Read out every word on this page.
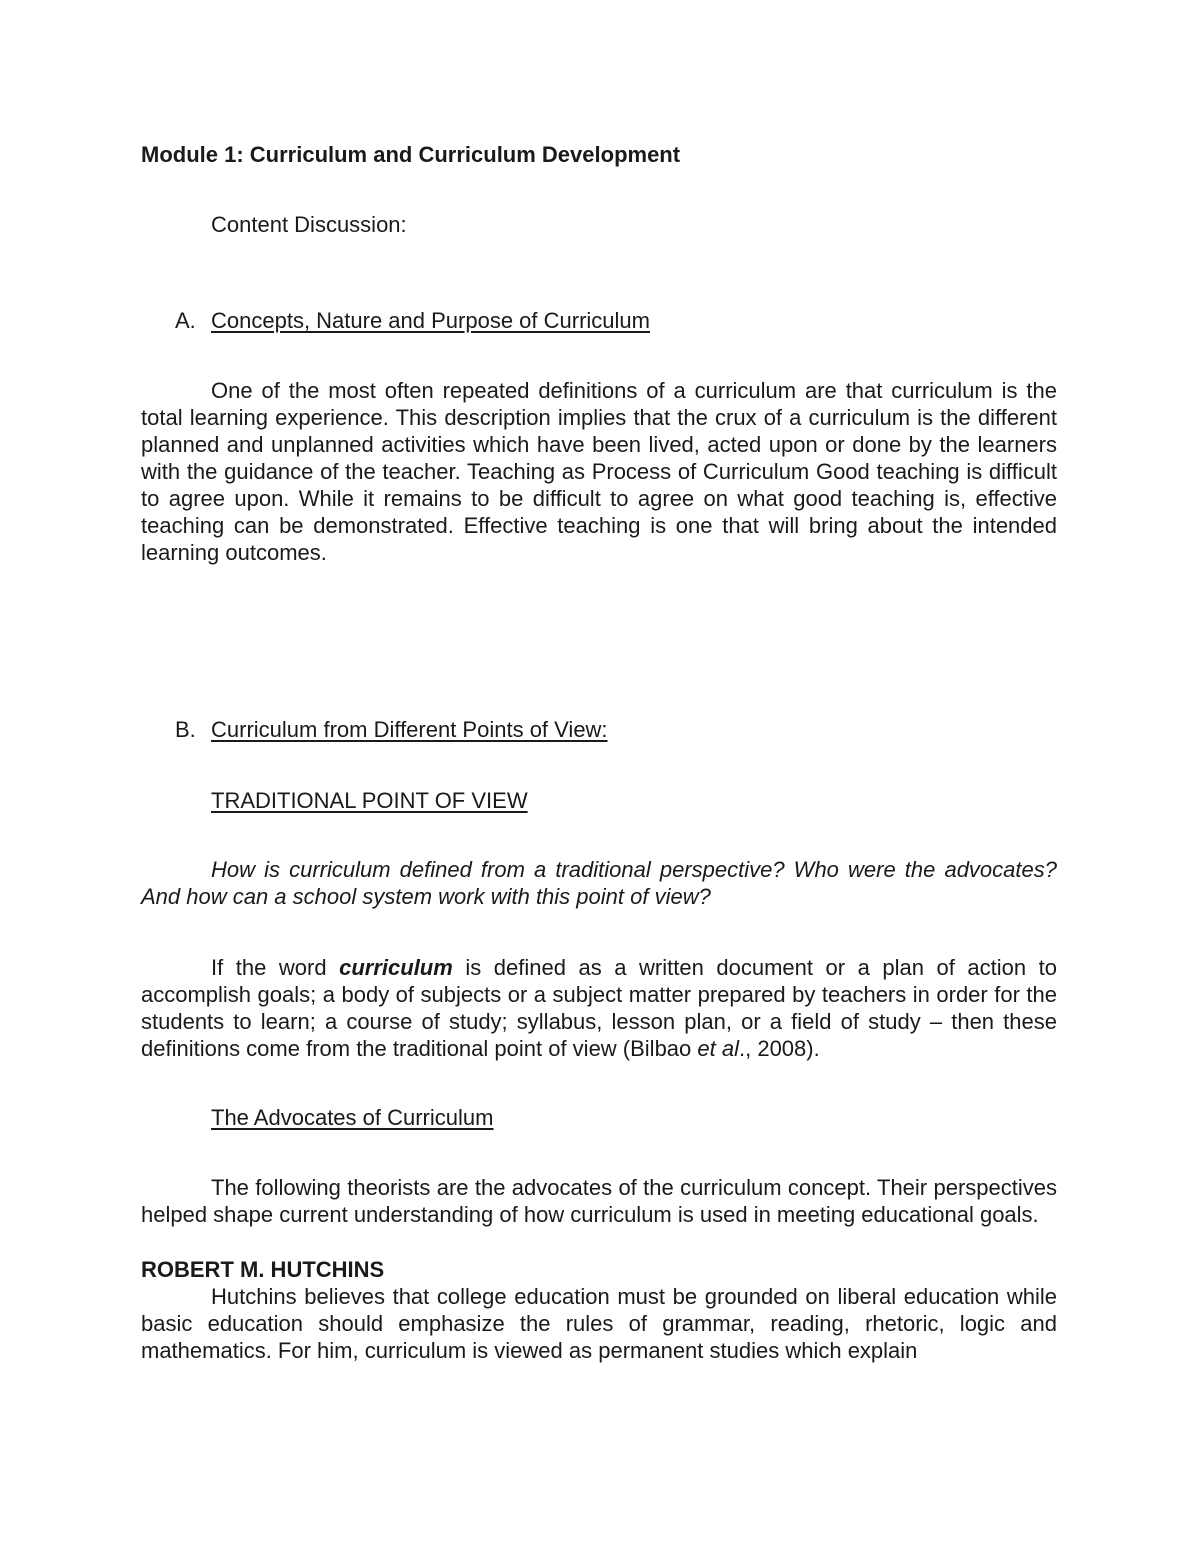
Module 1: Curriculum and Curriculum Development
Content Discussion:
A. Concepts, Nature and Purpose of Curriculum
One of the most often repeated definitions of a curriculum are that curriculum is the total learning experience. This description implies that the crux of a curriculum is the different planned and unplanned activities which have been lived, acted upon or done by the learners with the guidance of the teacher. Teaching as Process of Curriculum Good teaching is difficult to agree upon. While it remains to be difficult to agree on what good teaching is, effective teaching can be demonstrated. Effective teaching is one that will bring about the intended learning outcomes.
B. Curriculum from Different Points of View:
TRADITIONAL POINT OF VIEW
How is curriculum defined from a traditional perspective? Who were the advocates? And how can a school system work with this point of view?
If the word curriculum is defined as a written document or a plan of action to accomplish goals; a body of subjects or a subject matter prepared by teachers in order for the students to learn; a course of study; syllabus, lesson plan, or a field of study – then these definitions come from the traditional point of view (Bilbao et al., 2008).
The Advocates of Curriculum
The following theorists are the advocates of the curriculum concept. Their perspectives helped shape current understanding of how curriculum is used in meeting educational goals.
ROBERT M. HUTCHINS
Hutchins believes that college education must be grounded on liberal education while basic education should emphasize the rules of grammar, reading, rhetoric, logic and mathematics. For him, curriculum is viewed as permanent studies which explain
